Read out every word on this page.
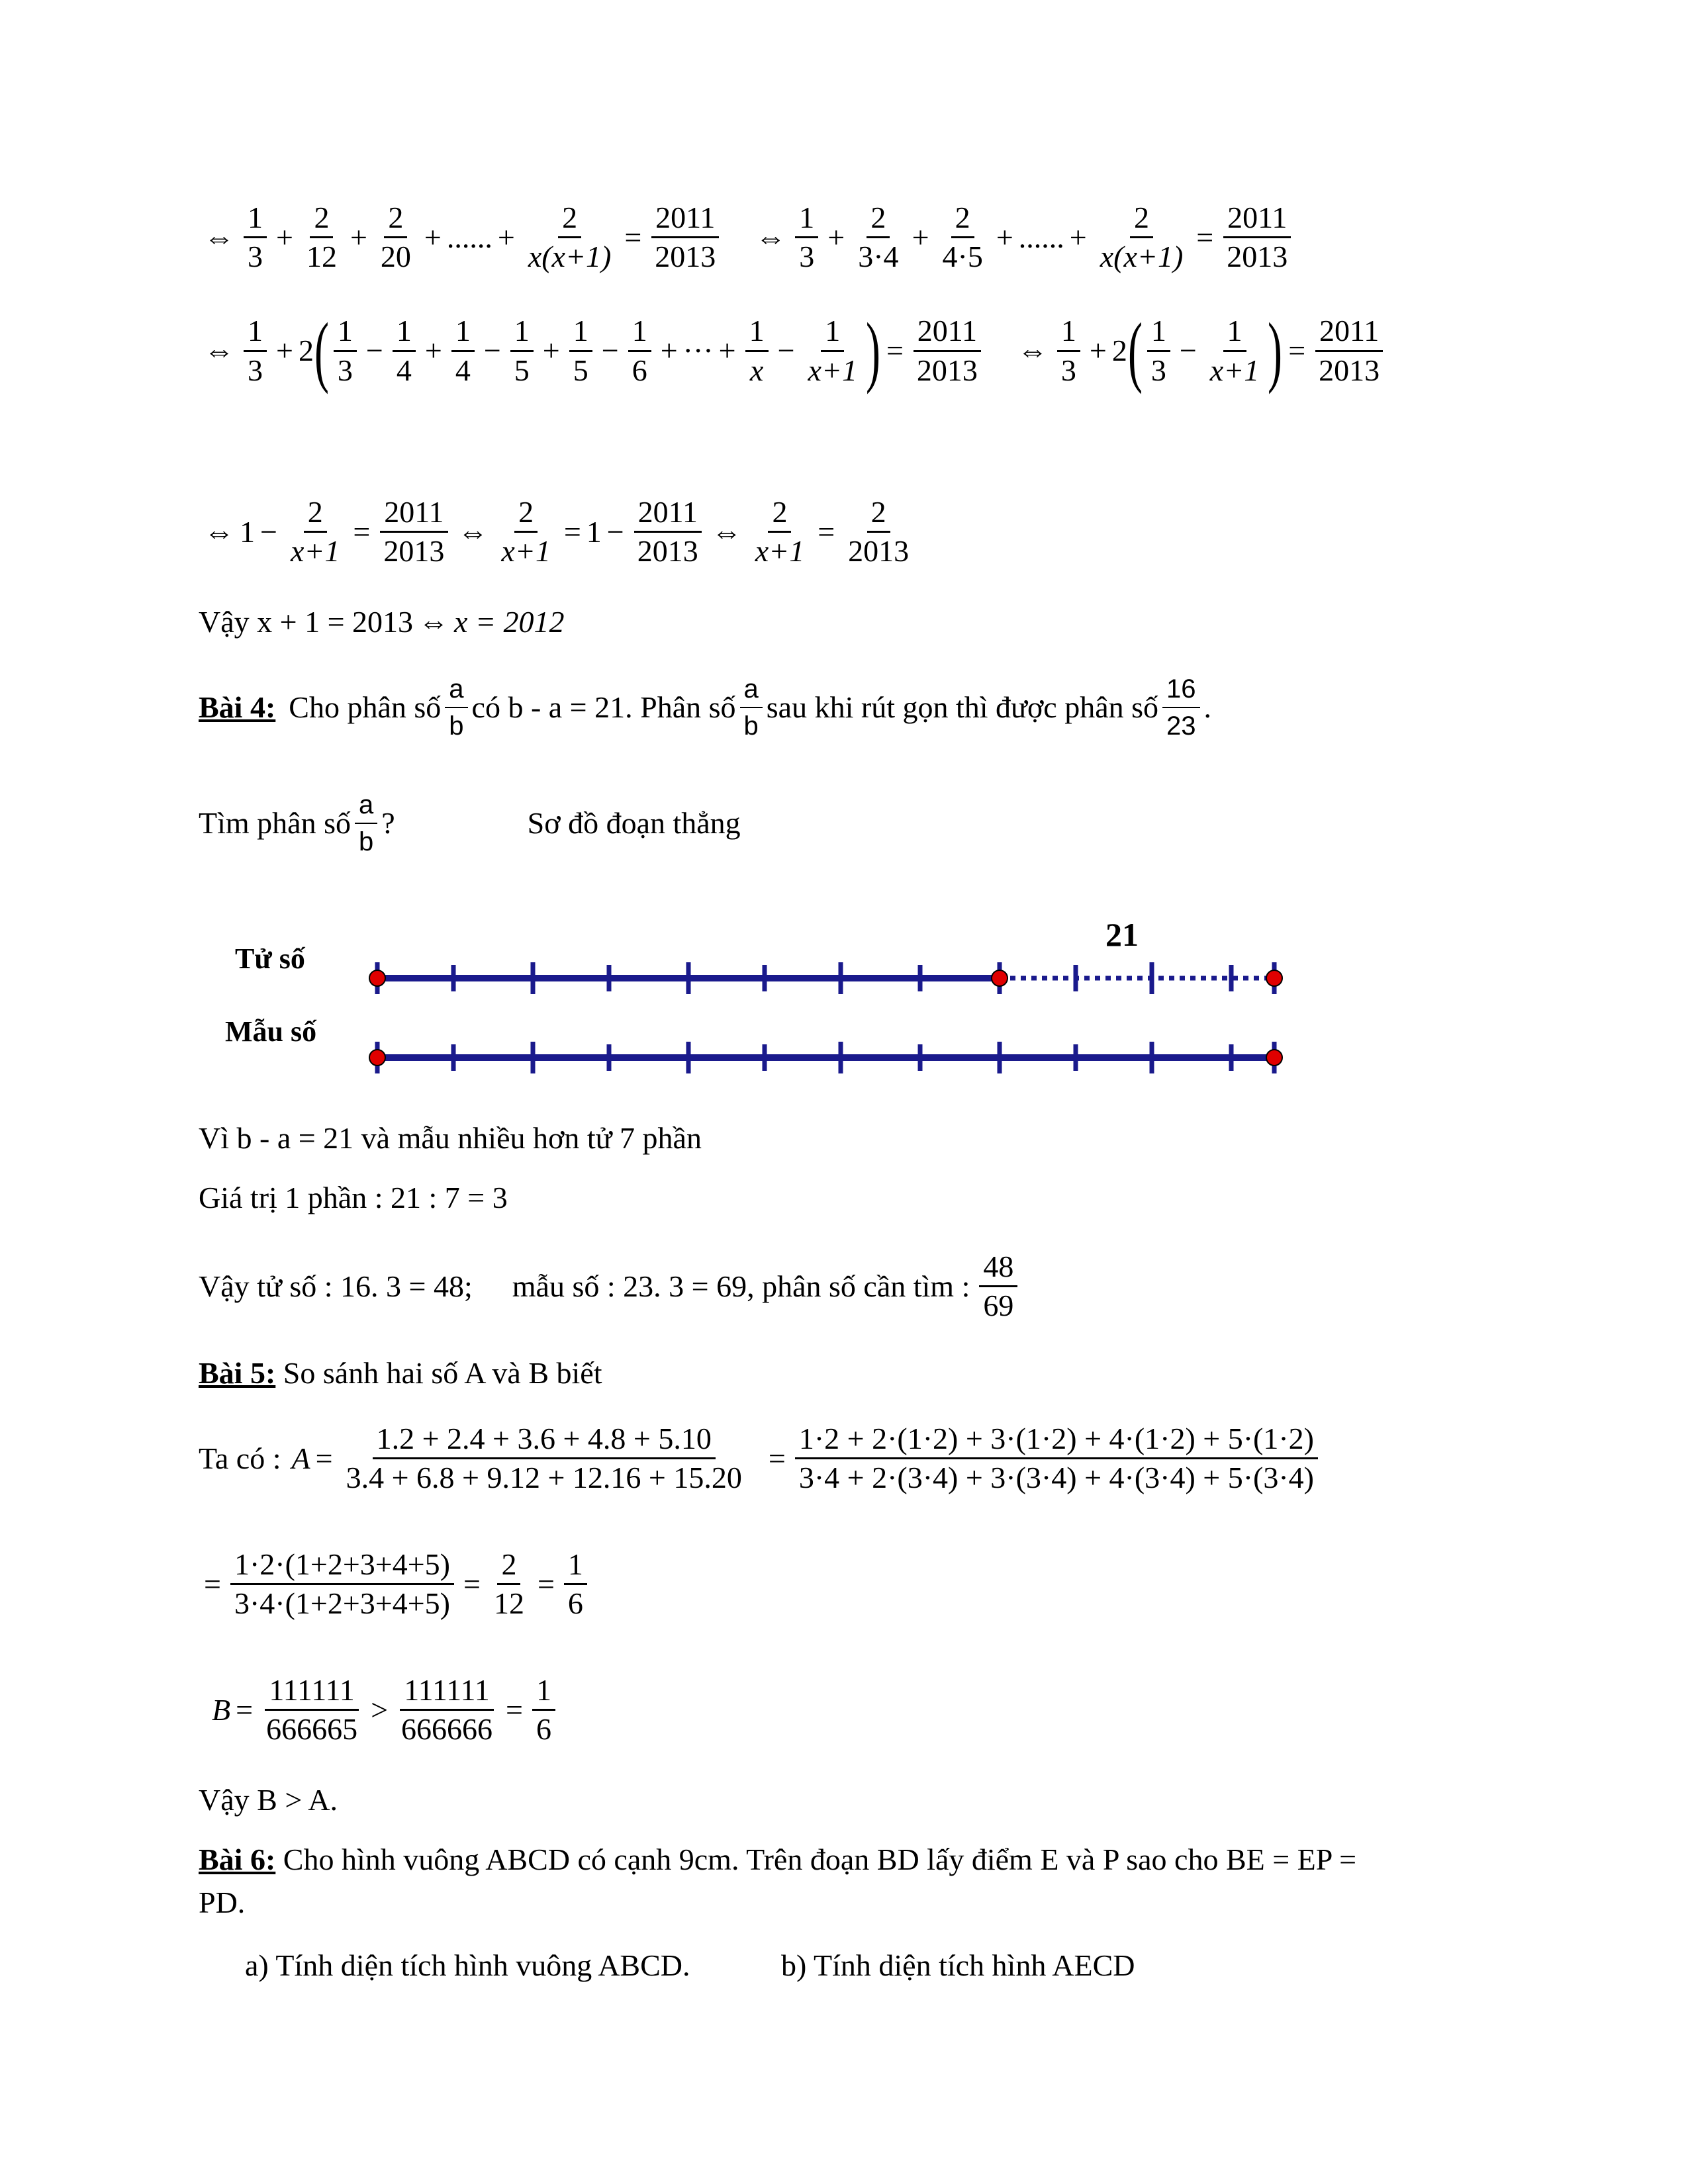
⇔ $\frac{1}{3} + \frac{2}{12} + \frac{2}{20}$ + ...... + $\frac{2}{x(x+1)} = \frac{2011}{2013}$ ⇔ $\frac{1}{3} + \frac{2}{3\cdot 4} + \frac{2}{4\cdot 5}$ + ...... + $\frac{2}{x(x+1)} = \frac{2011}{2013}$
⇔ $\frac{1}{3} + 2$ ( $\frac{1}{3} - \frac{1}{4} + \frac{1}{4} - \frac{1}{5} + \frac{1}{5} - \frac{1}{6}$ + ··· + $\frac{1}{x} - \frac{1}{x+1}$ ) = $\frac{2011}{2013}$ ⇔ $\frac{1}{3} + 2$ ( $\frac{1}{3} - \frac{1}{x+1}$ ) = $\frac{2011}{2013}$
⇔ $1 - \frac{2}{x+1} = \frac{2011}{2013}$ ⇔ $\frac{2}{x+1} = 1 - \frac{2011}{2013}$ ⇔ $\frac{2}{x+1} = \frac{2}{2013}$
Vậy x + 1 = 2013 ⇔ x = 2012
Bài 4: Cho phân số $\frac{a}{b}$ có b - a = 21. Phân số $\frac{a}{b}$ sau khi rút gọn thì được phân số $\frac{16}{23}$ .
Tìm phân số $\frac{a}{b}$ ?	Sơ đồ đoạn thẳng
Tử số
Mẫu số
21
Vì b - a = 21 và mẫu nhiều hơn tử 7 phần
Giá trị 1 phần : 21 : 7 = 3
Vậy tử số : 16. 3 = 48; mẫu số : 23. 3 = 69, phân số cần tìm : $\frac{48}{69}$
Bài 5: So sánh hai số A và B biết
Ta có : $A = \frac{1.2 + 2.4 + 3.6 + 4.8 + 5.10}{3.4 + 6.8 + 9.12 + 12.16 + 15.20} = \frac{1\cdot 2 + 2\cdot(1\cdot 2) + 3\cdot(1\cdot 2) + 4\cdot(1\cdot 2) + 5\cdot(1\cdot 2)}{3\cdot 4 + 2\cdot(3\cdot 4) + 3\cdot(3\cdot 4) + 4\cdot(3\cdot 4) + 5\cdot(3\cdot 4)}$
= $\frac{1\cdot 2\cdot(1+2+3+4+5)}{3\cdot 4\cdot(1+2+3+4+5)} = \frac{2}{12} = \frac{1}{6}$
$B = \frac{111111}{666665} > \frac{111111}{666666} = \frac{1}{6}$
Vậy B > A.
Bài 6: Cho hình vuông ABCD có cạnh 9cm. Trên đoạn BD lấy điểm E và P sao cho BE = EP =
PD.
a) Tính diện tích hình vuông ABCD.	b) Tính diện tích hình AECD
